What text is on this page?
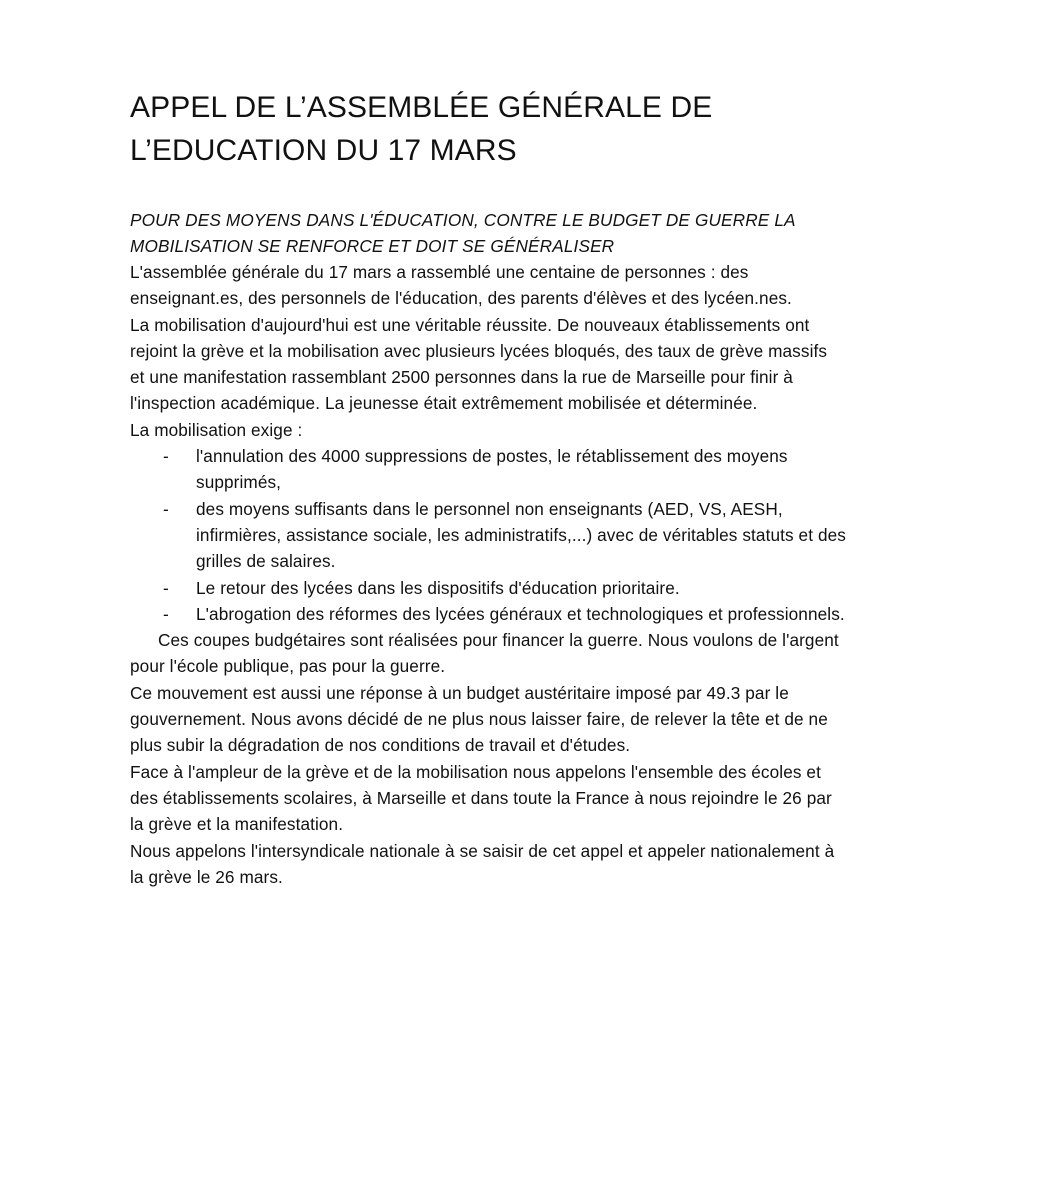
APPEL DE L’ASSEMBLÉE GÉNÉRALE DE
L’EDUCATION DU 17 MARS

POUR DES MOYENS DANS L'ÉDUCATION, CONTRE LE BUDGET DE GUERRE LA
MOBILISATION SE RENFORCE ET DOIT SE GÉNÉRALISER

L'assemblée générale du 17 mars a rassemblé une centaine de personnes : des
enseignant.es, des personnels de l'éducation, des parents d'élèves et des lycéen.nes.

La mobilisation d'aujourd'hui est une véritable réussite. De nouveaux établissements ont
rejoint la grève et la mobilisation avec plusieurs lycées bloqués, des taux de grève massifs
et une manifestation rassemblant 2500 personnes dans la rue de Marseille pour finir à
l'inspection académique. La jeunesse était extrêmement mobilisée et déterminée.

La mobilisation exige :

- l'annulation des 4000 suppressions de postes, le rétablissement des moyens
supprimés,
- des moyens suffisants dans le personnel non enseignants (AED, VS, AESH,
infirmières, assistance sociale, les administratifs,...) avec de véritables statuts et des
grilles de salaires.
- Le retour des lycées dans les dispositifs d'éducation prioritaire.
- L'abrogation des réformes des lycées généraux et technologiques et professionnels.

Ces coupes budgétaires sont réalisées pour financer la guerre. Nous voulons de l'argent
pour l'école publique, pas pour la guerre.

Ce mouvement est aussi une réponse à un budget austéritaire imposé par 49.3 par le
gouvernement. Nous avons décidé de ne plus nous laisser faire, de relever la tête et de ne
plus subir la dégradation de nos conditions de travail et d'études.

Face à l'ampleur de la grève et de la mobilisation nous appelons l'ensemble des écoles et
des établissements scolaires, à Marseille et dans toute la France à nous rejoindre le 26 par
la grève et la manifestation.

Nous appelons l'intersyndicale nationale à se saisir de cet appel et appeler nationalement à
la grève le 26 mars.
